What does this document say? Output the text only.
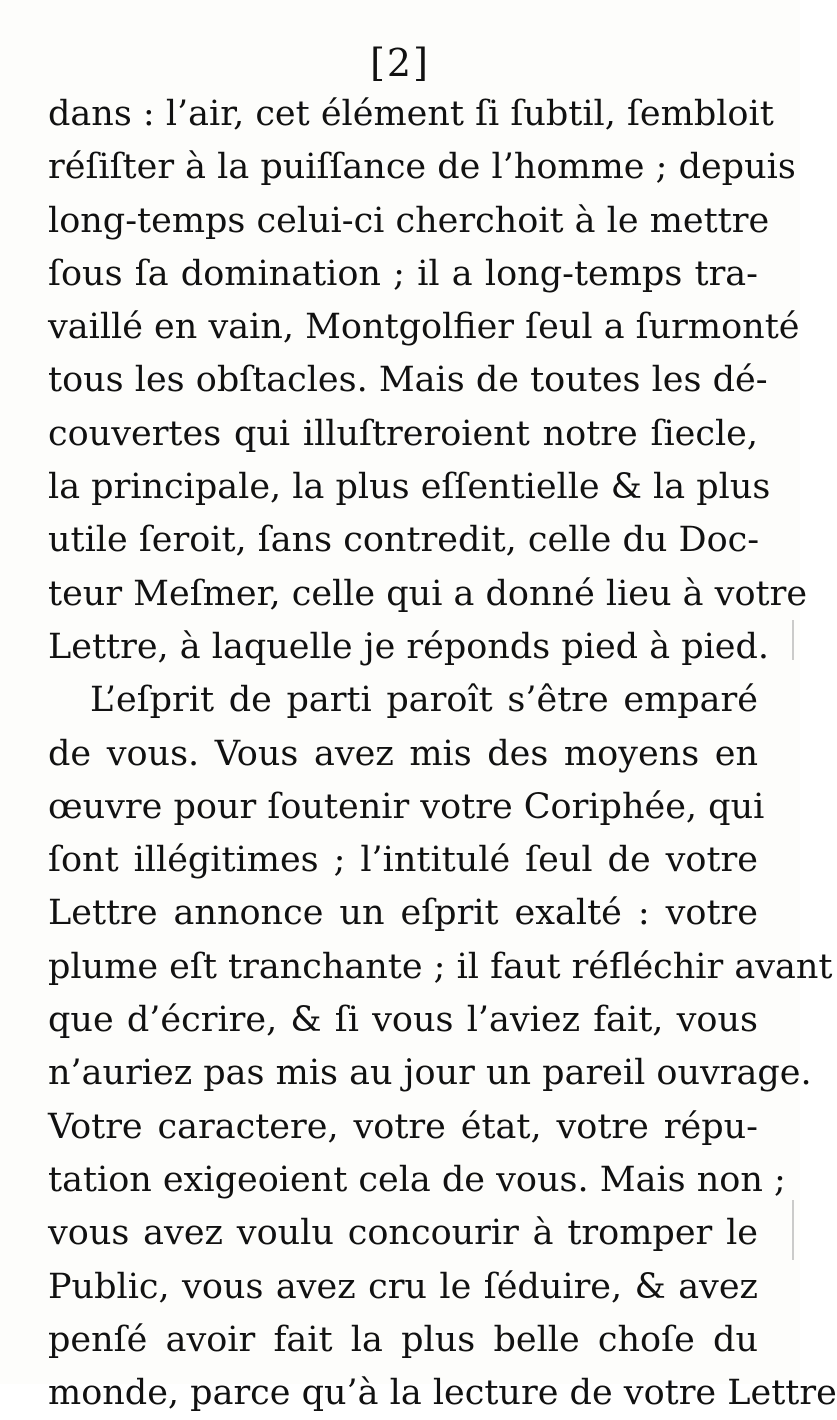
[2]
dans : l’air, cet élément ſi ſubtil, ſembloit
réſiſter à la puiſſance de l’homme ; depuis
long-temps celui-ci cherchoit à le mettre
ſous ſa domination ; il a long-temps tra-
vaillé en vain, Montgolfier ſeul a ſurmonté
tous les obſtacles. Mais de toutes les dé-
couvertes qui illuſtreroient notre ſiecle,
la principale, la plus eſſentielle & la plus
utile ſeroit, ſans contredit, celle du Doc-
teur Meſmer, celle qui a donné lieu à votre
Lettre, à laquelle je réponds pied à pied.
L’eſprit de parti paroît s’être emparé
de vous. Vous avez mis des moyens en
œuvre pour ſoutenir votre Coriphée, qui
ſont illégitimes ; l’intitulé ſeul de votre
Lettre annonce un eſprit exalté : votre
plume eſt tranchante ; il faut réfléchir avant
que d’écrire, & ſi vous l’aviez fait, vous
n’auriez pas mis au jour un pareil ouvrage.
Votre caractere, votre état, votre répu-
tation exigeoient cela de vous. Mais non ;
vous avez voulu concourir à tromper le
Public, vous avez cru le ſéduire, & avez
penſé avoir fait la plus belle choſe du
monde, parce qu’à la lecture de votre Lettre
